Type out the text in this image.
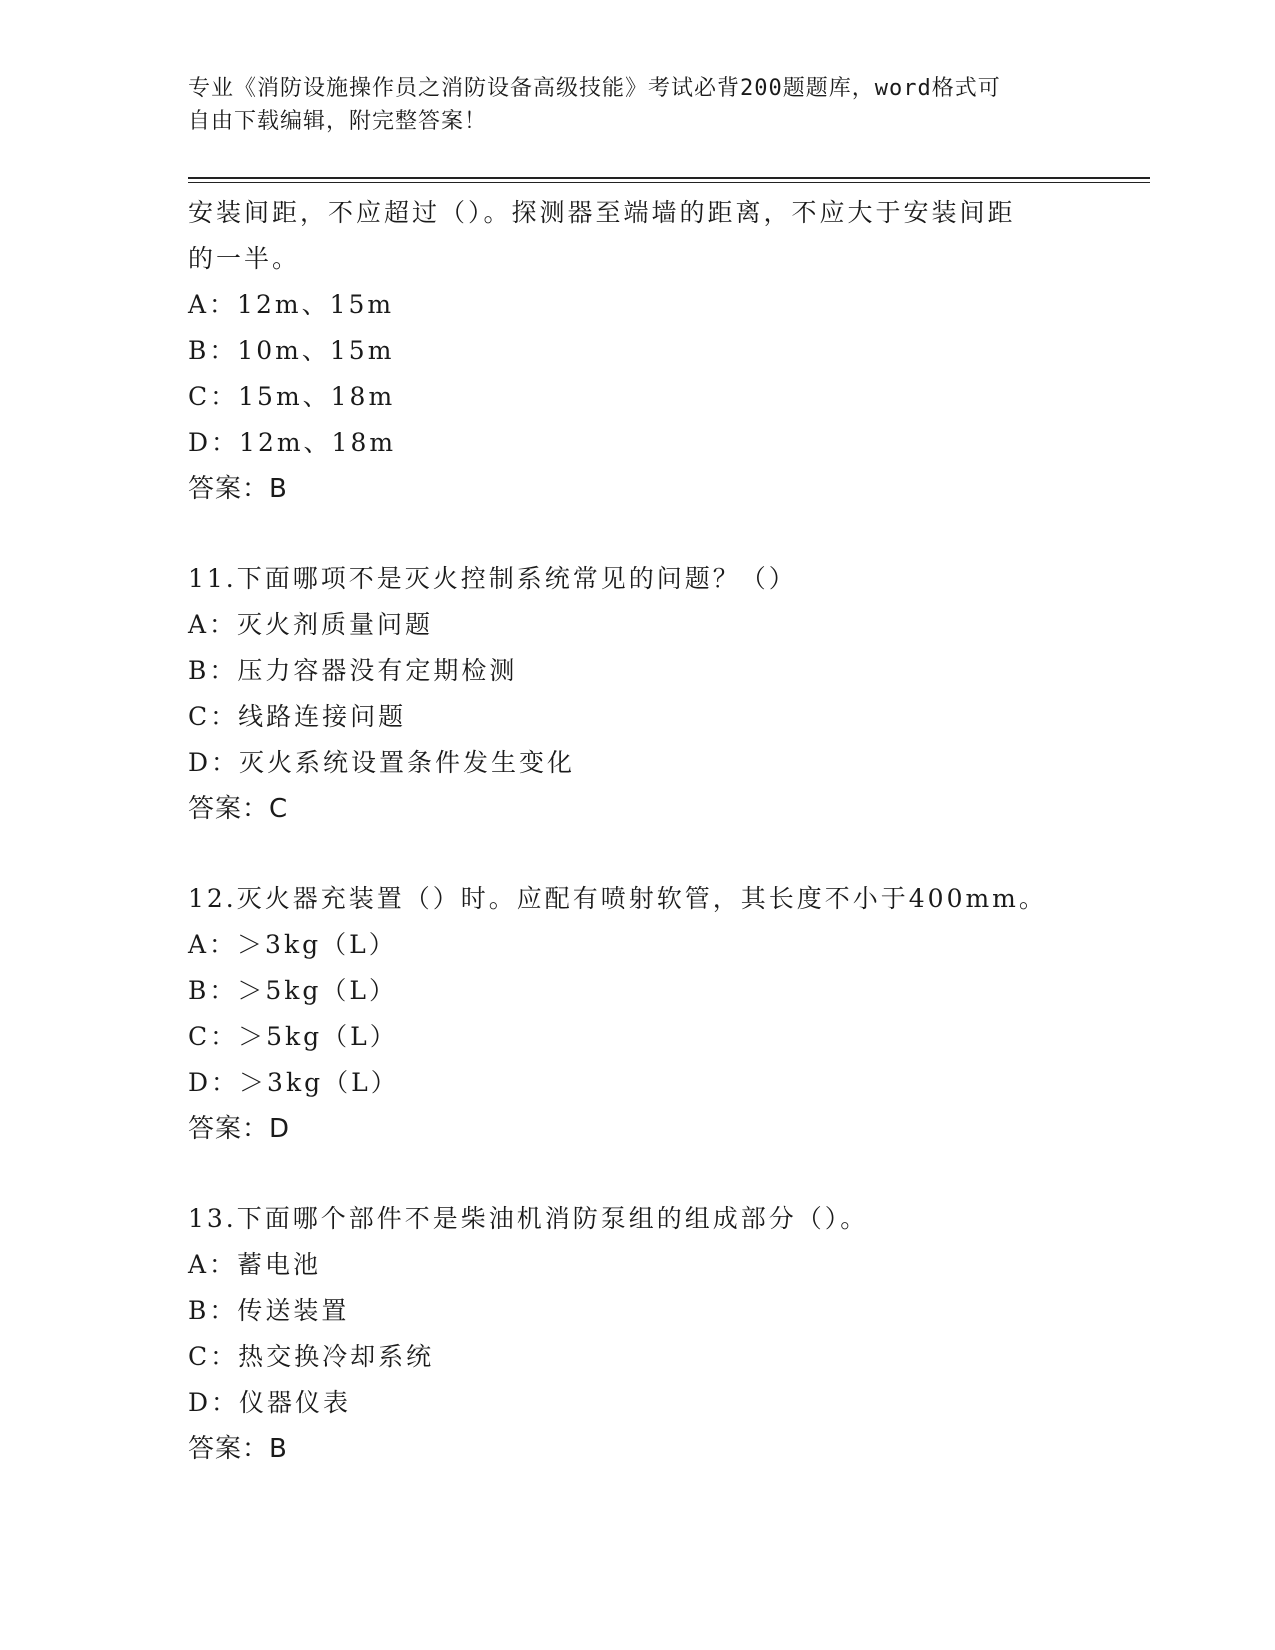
专业《消防设施操作员之消防设备高级技能》考试必背200题题库，word格式可
自由下载编辑，附完整答案！
安装间距，不应超过（）。探测器至端墙的距离，不应大于安装间距
的一半。
A：12m、15m
B：10m、15m
C：15m、18m
D：12m、18m
答案：B
11.下面哪项不是灭火控制系统常见的问题？（）
A：灭火剂质量问题
B：压力容器没有定期检测
C：线路连接问题
D：灭火系统设置条件发生变化
答案：C
12.灭火器充装置（）时。应配有喷射软管，其长度不小于400mm。
A：＞3kg（L）
B：＞5kg（L）
C：＞5kg（L）
D：＞3kg（L）
答案：D
13.下面哪个部件不是柴油机消防泵组的组成部分（）。
A：蓄电池
B：传送装置
C：热交换冷却系统
D：仪器仪表
答案：B
